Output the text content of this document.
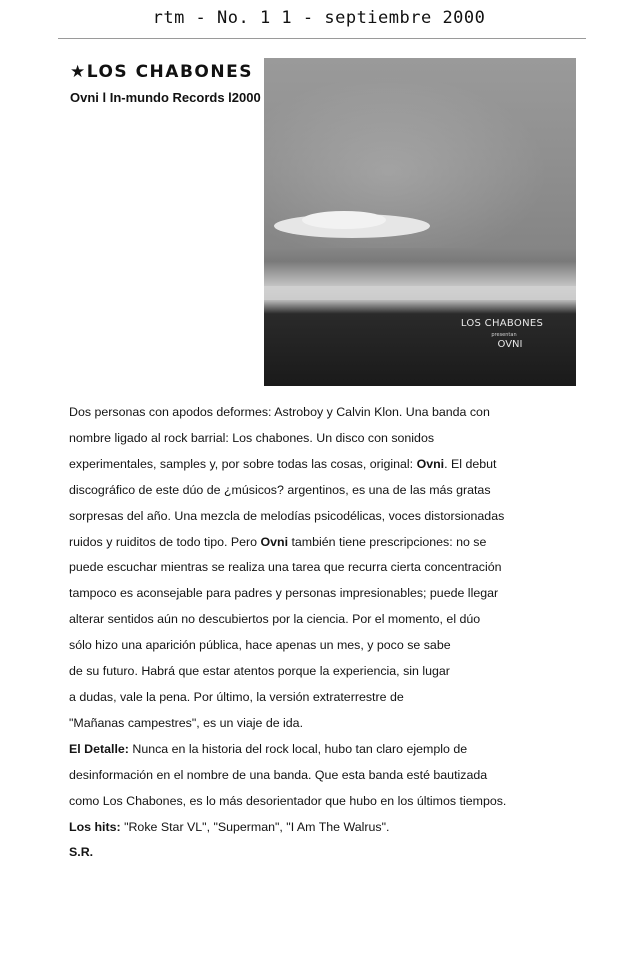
rtm - No. 1 1 - septiembre 2000
★LOS CHABONES
Ovni l In-mundo Records l2000
LOS CHABONES
presentan
OVNI
Dos personas con apodos deformes: Astroboy y Calvin Klon. Una banda con
nombre ligado al rock barrial: Los chabones. Un disco con sonidos
experimentales, samples y, por sobre todas las cosas, original: Ovni. El debut
discográfico de este dúo de ¿músicos? argentinos, es una de las más gratas
sorpresas del año. Una mezcla de melodías psicodélicas, voces distorsionadas
ruidos y ruiditos de todo tipo. Pero Ovni también tiene prescripciones: no se
puede escuchar mientras se realiza una tarea que recurra cierta concentración
tampoco es aconsejable para padres y personas impresionables; puede llegar
alterar sentidos aún no descubiertos por la ciencia. Por el momento, el dúo
sólo hizo una aparición pública, hace apenas un mes, y poco se sabe
de su futuro. Habrá que estar atentos porque la experiencia, sin lugar
a dudas, vale la pena. Por último, la versión extraterrestre de
"Mañanas campestres", es un viaje de ida.
El Detalle: Nunca en la historia del rock local, hubo tan claro ejemplo de
desinformación en el nombre de una banda. Que esta banda esté bautizada
como Los Chabones, es lo más desorientador que hubo en los últimos tiempos.
Los hits: "Roke Star VL", "Superman", "I Am The Walrus".
S.R.
